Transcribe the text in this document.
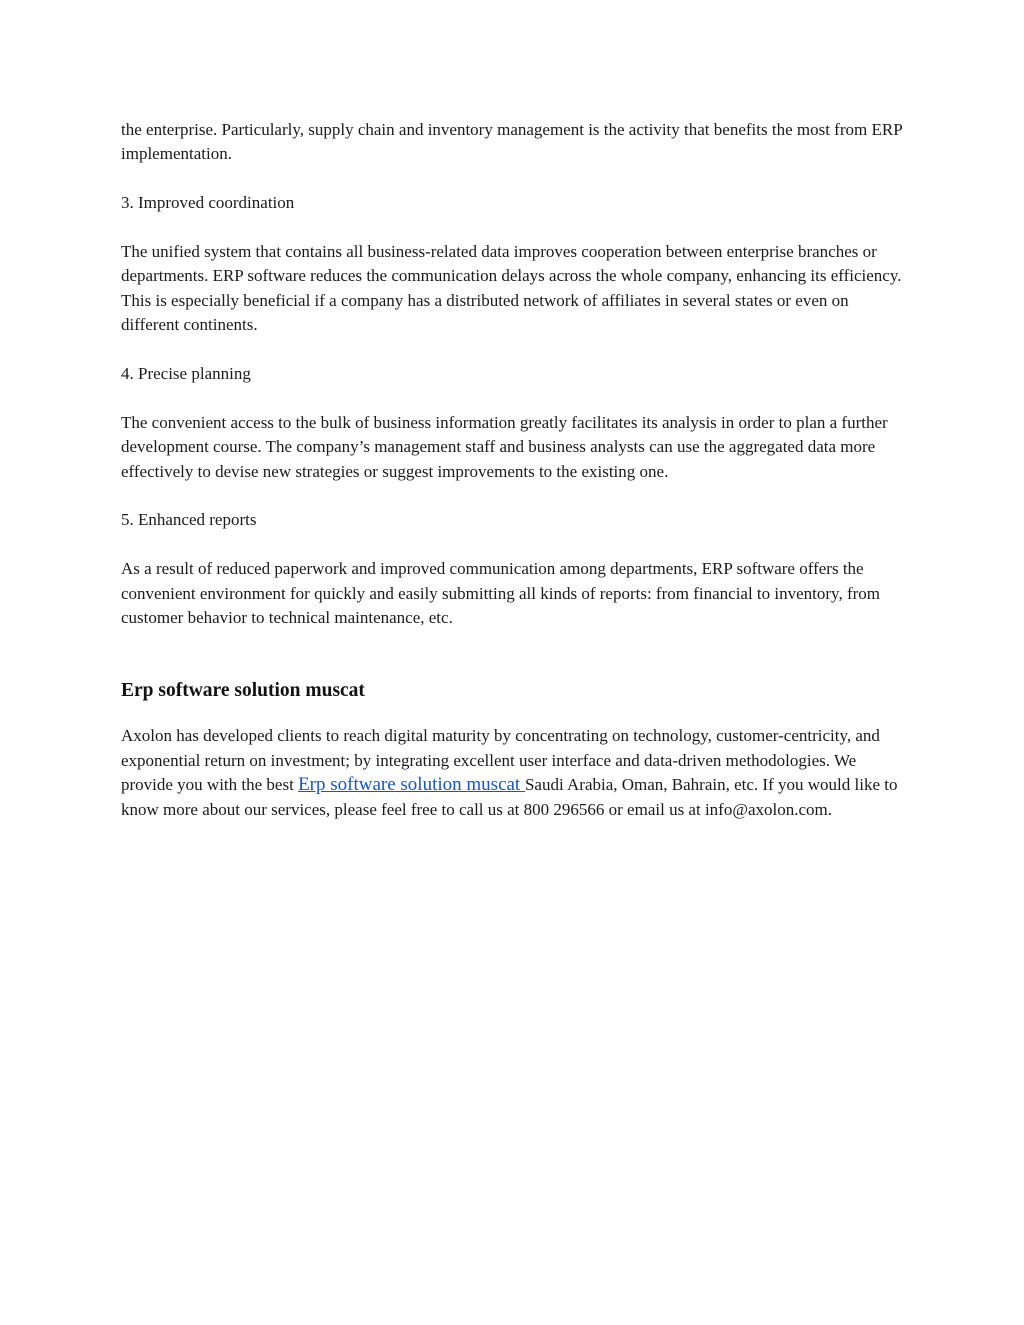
the enterprise. Particularly, supply chain and inventory management is the activity that benefits the most from ERP implementation.

3. Improved coordination

The unified system that contains all business-related data improves cooperation between enterprise branches or departments. ERP software reduces the communication delays across the whole company, enhancing its efficiency. This is especially beneficial if a company has a distributed network of affiliates in several states or even on different continents.

4. Precise planning

The convenient access to the bulk of business information greatly facilitates its analysis in order to plan a further development course. The company’s management staff and business analysts can use the aggregated data more effectively to devise new strategies or suggest improvements to the existing one.

5. Enhanced reports

As a result of reduced paperwork and improved communication among departments, ERP software offers the convenient environment for quickly and easily submitting all kinds of reports: from financial to inventory, from customer behavior to technical maintenance, etc.

Erp software solution muscat

Axolon has developed clients to reach digital maturity by concentrating on technology, customer-centricity, and exponential return on investment; by integrating excellent user interface and data-driven methodologies. We provide you with the best Erp software solution muscat Saudi Arabia, Oman, Bahrain, etc. If you would like to know more about our services, please feel free to call us at 800 296566 or email us at info@axolon.com.
